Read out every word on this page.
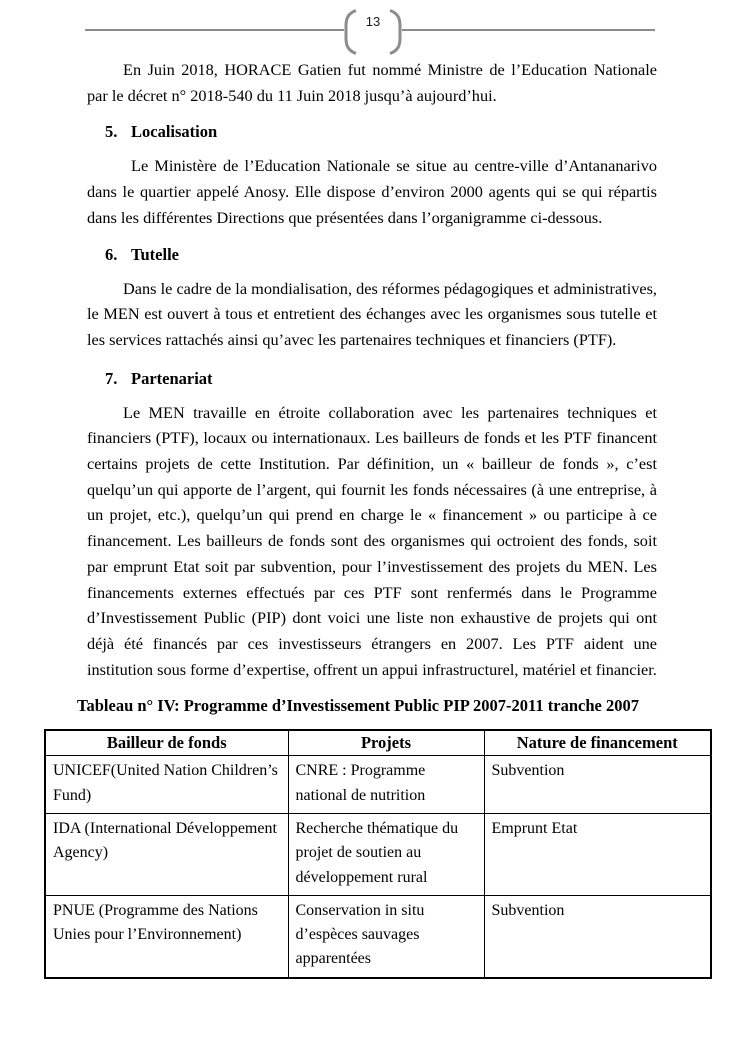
13

En Juin 2018, HORACE Gatien fut nommé Ministre de l’Education Nationale par le décret n° 2018-540 du 11 Juin 2018 jusqu’à aujourd’hui.

5. Localisation

Le Ministère de l’Education Nationale se situe au centre-ville d’Antananarivo dans le quartier appelé Anosy. Elle dispose d’environ 2000 agents qui se qui répartis dans les différentes Directions que présentées dans l’organigramme ci-dessous.

6. Tutelle

Dans le cadre de la mondialisation, des réformes pédagogiques et administratives, le MEN est ouvert à tous et entretient des échanges avec les organismes sous tutelle et les services rattachés ainsi qu’avec les partenaires techniques et financiers (PTF).

7. Partenariat

Le MEN travaille en étroite collaboration avec les partenaires techniques et financiers (PTF), locaux ou internationaux. Les bailleurs de fonds et les PTF financent certains projets de cette Institution. Par définition, un « bailleur de fonds », c’est quelqu’un qui apporte de l’argent, qui fournit les fonds nécessaires (à une entreprise, à un projet, etc.), quelqu’un qui prend en charge le « financement » ou participe à ce financement. Les bailleurs de fonds sont des organismes qui octroient des fonds, soit par emprunt Etat soit par subvention, pour l’investissement des projets du MEN. Les financements externes effectués par ces PTF sont renfermés dans le Programme d’Investissement Public (PIP) dont voici une liste non exhaustive de projets qui ont déjà été financés par ces investisseurs étrangers en 2007. Les PTF aident une institution sous forme d’expertise, offrent un appui infrastructurel, matériel et financier.

Tableau n° IV: Programme d’Investissement Public PIP 2007-2011 tranche 2007
Bailleur de fonds	Projets	Nature de financement
UNICEF(United Nation Children’s Fund)	CNRE : Programme national de nutrition	Subvention
IDA (International Développement Agency)	Recherche thématique du projet de soutien au développement rural	Emprunt Etat
PNUE (Programme des Nations Unies pour l’Environnement)	Conservation in situ d’espèces sauvages apparentées	Subvention
